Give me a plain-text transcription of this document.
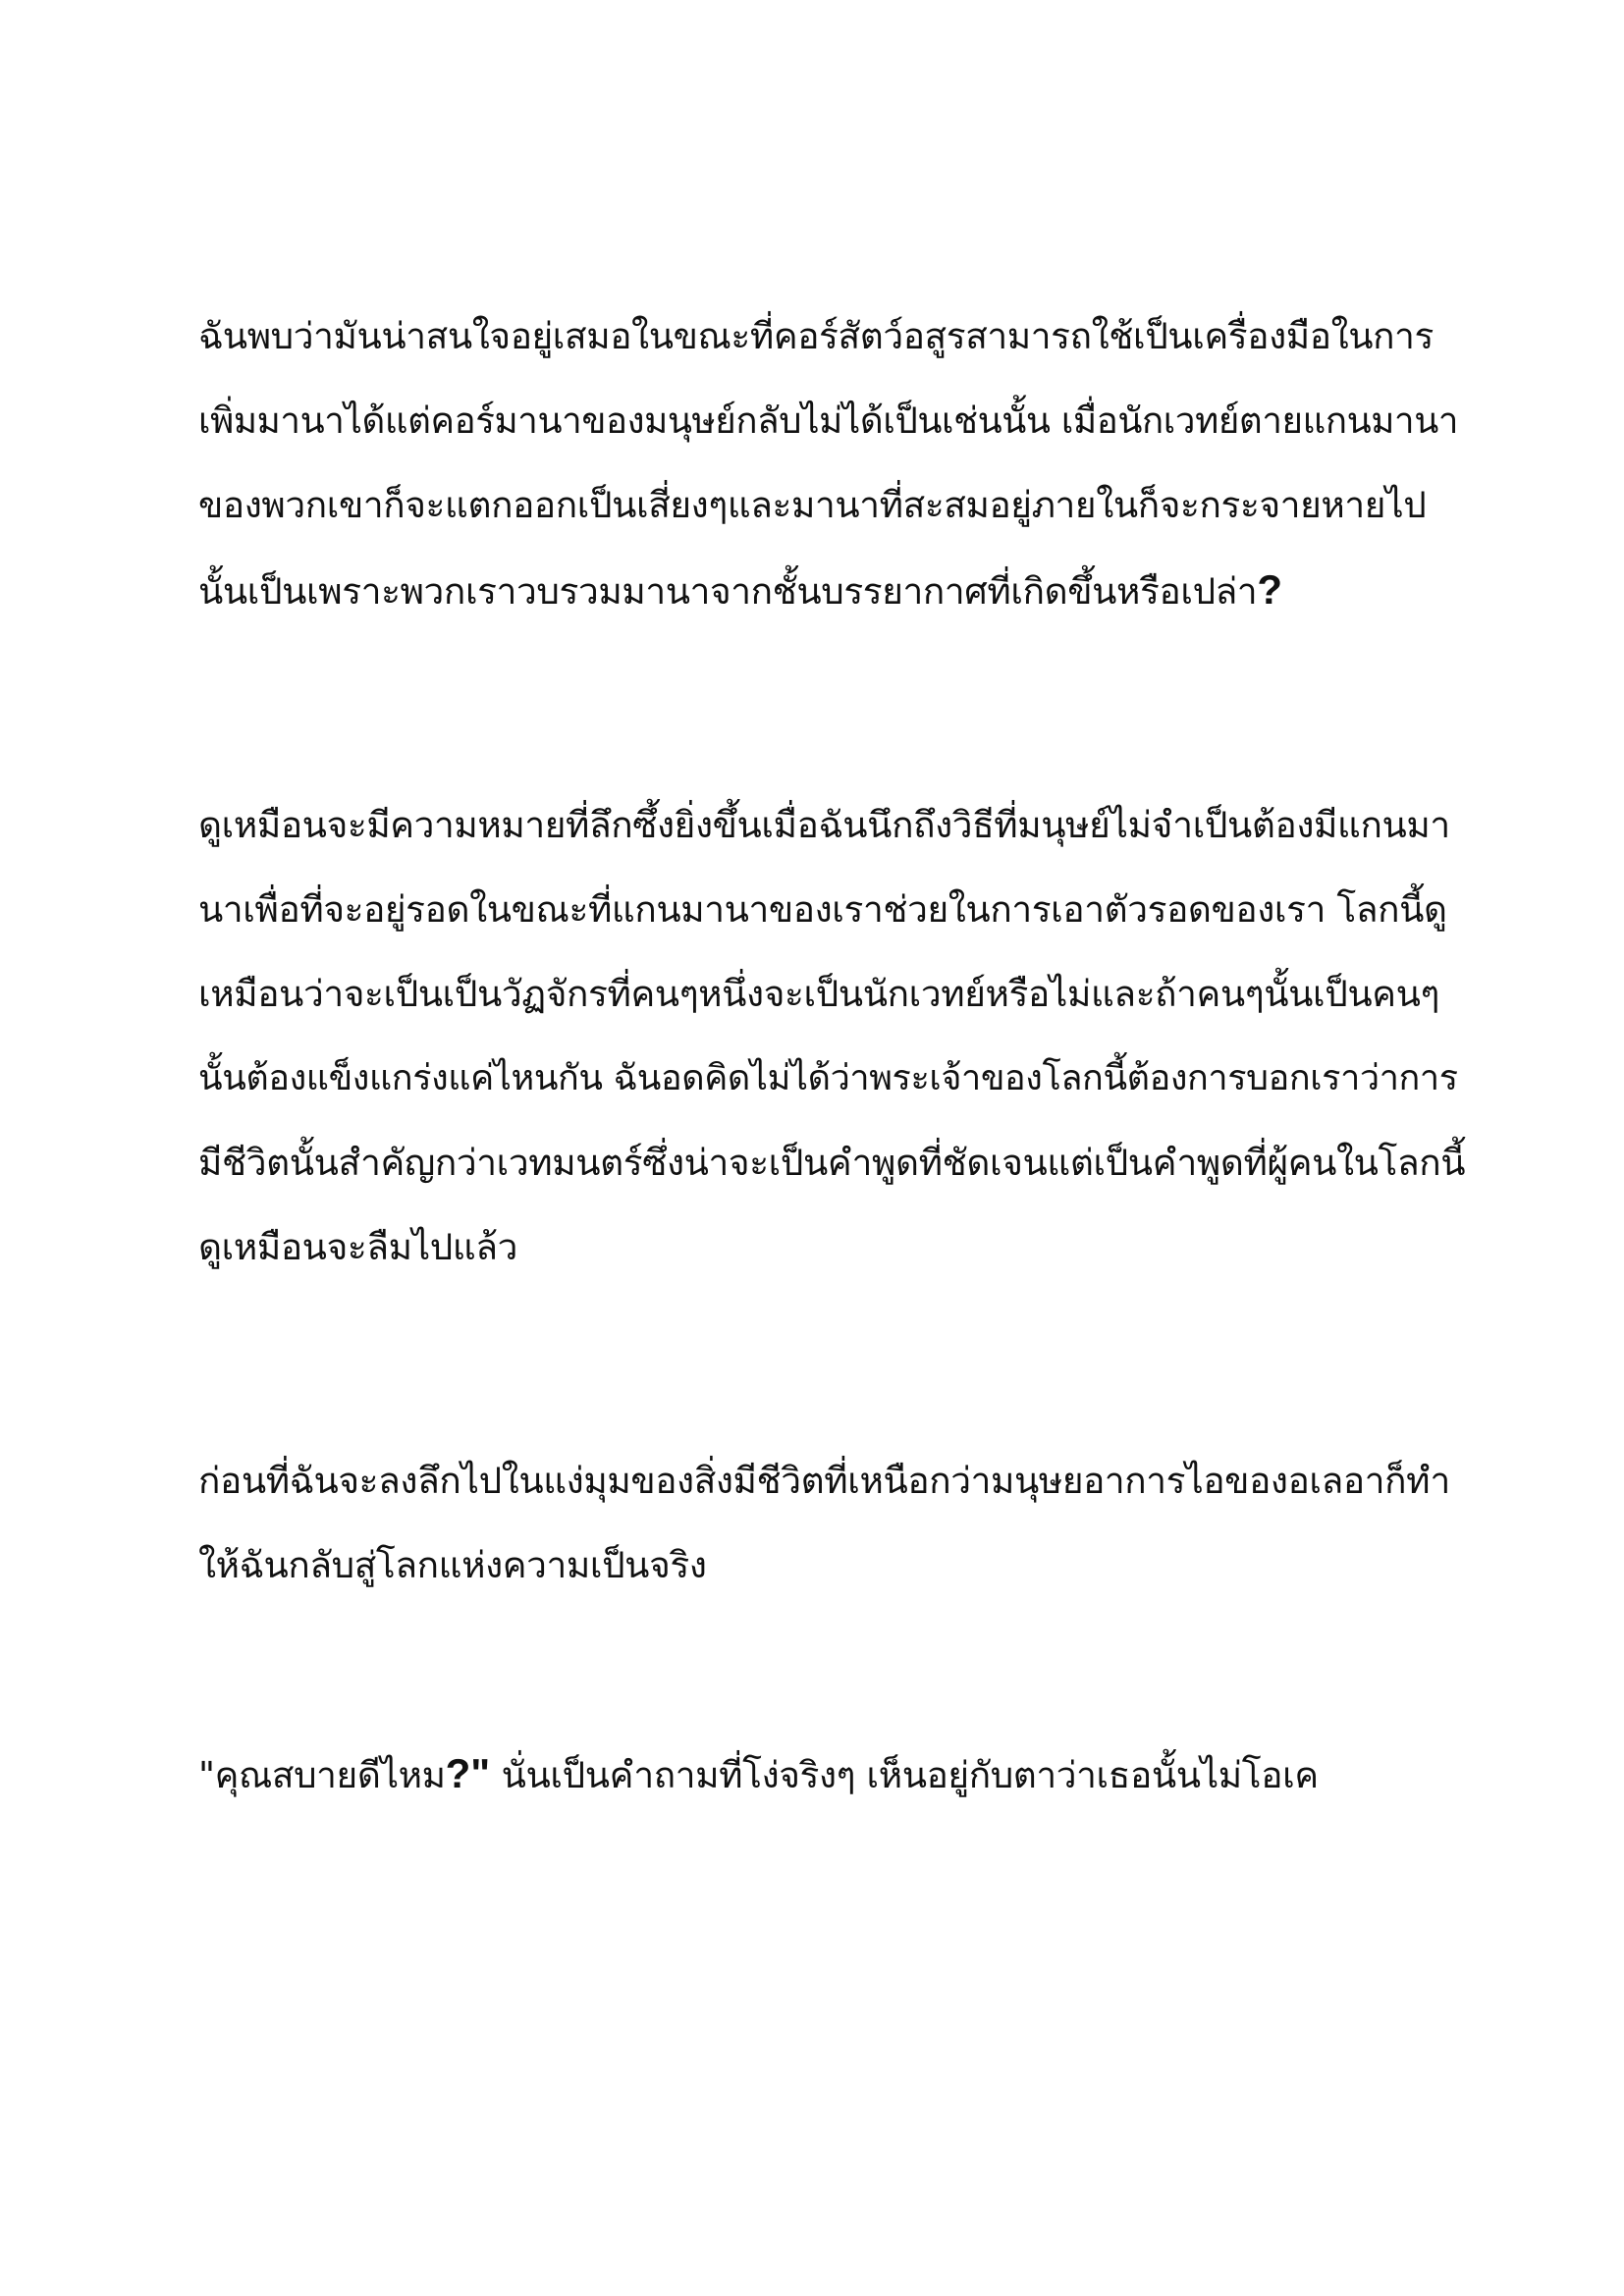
ฉันพบว่ามันน่าสนใจอยู่เสมอในขณะที่คอร์สัตว์อสูรสามารถใช้เป็นเครื่องมือในการ
เพิ่มมานาได้แต่คอร์มานาของมนุษย์กลับไม่ได้เป็นเช่นนั้น เมื่อนักเวทย์ตายแกนมานา
ของพวกเขาก็จะแตกออกเป็นเสี่ยงๆและมานาที่สะสมอยู่ภายในก็จะกระจายหายไป
นั้นเป็นเพราะพวกเราวบรวมมานาจากชั้นบรรยากาศที่เกิดขึ้นหรือเปล่า?

ดูเหมือนจะมีความหมายที่ลึกซึ้งยิ่งขึ้นเมื่อฉันนึกถึงวิธีที่มนุษย์ไม่จำเป็นต้องมีแกนมา
นาเพื่อที่จะอยู่รอดในขณะที่แกนมานาของเราช่วยในการเอาตัวรอดของเรา โลกนี้ดู
เหมือนว่าจะเป็นเป็นวัฏจักรที่คนๆหนึ่งจะเป็นนักเวทย์หรือไม่และถ้าคนๆนั้นเป็นคนๆ
นั้นต้องแข็งแกร่งแค่ไหนกัน ฉันอดคิดไม่ได้ว่าพระเจ้าของโลกนี้ต้องการบอกเราว่าการ
มีชีวิตนั้นสำคัญกว่าเวทมนตร์ซึ่งน่าจะเป็นคำพูดที่ชัดเจนแต่เป็นคำพูดที่ผู้คนในโลกนี้
ดูเหมือนจะลืมไปแล้ว

ก่อนที่ฉันจะลงลึกไปในแง่มุมของสิ่งมีชีวิตที่เหนือกว่ามนุษยอาการไอของอเลอาก็ทำ
ให้ฉันกลับสู่โลกแห่งความเป็นจริง

"คุณสบายดีไหม?" นั่นเป็นคำถามที่โง่จริงๆ เห็นอยู่กับตาว่าเธอนั้นไม่โอเค
